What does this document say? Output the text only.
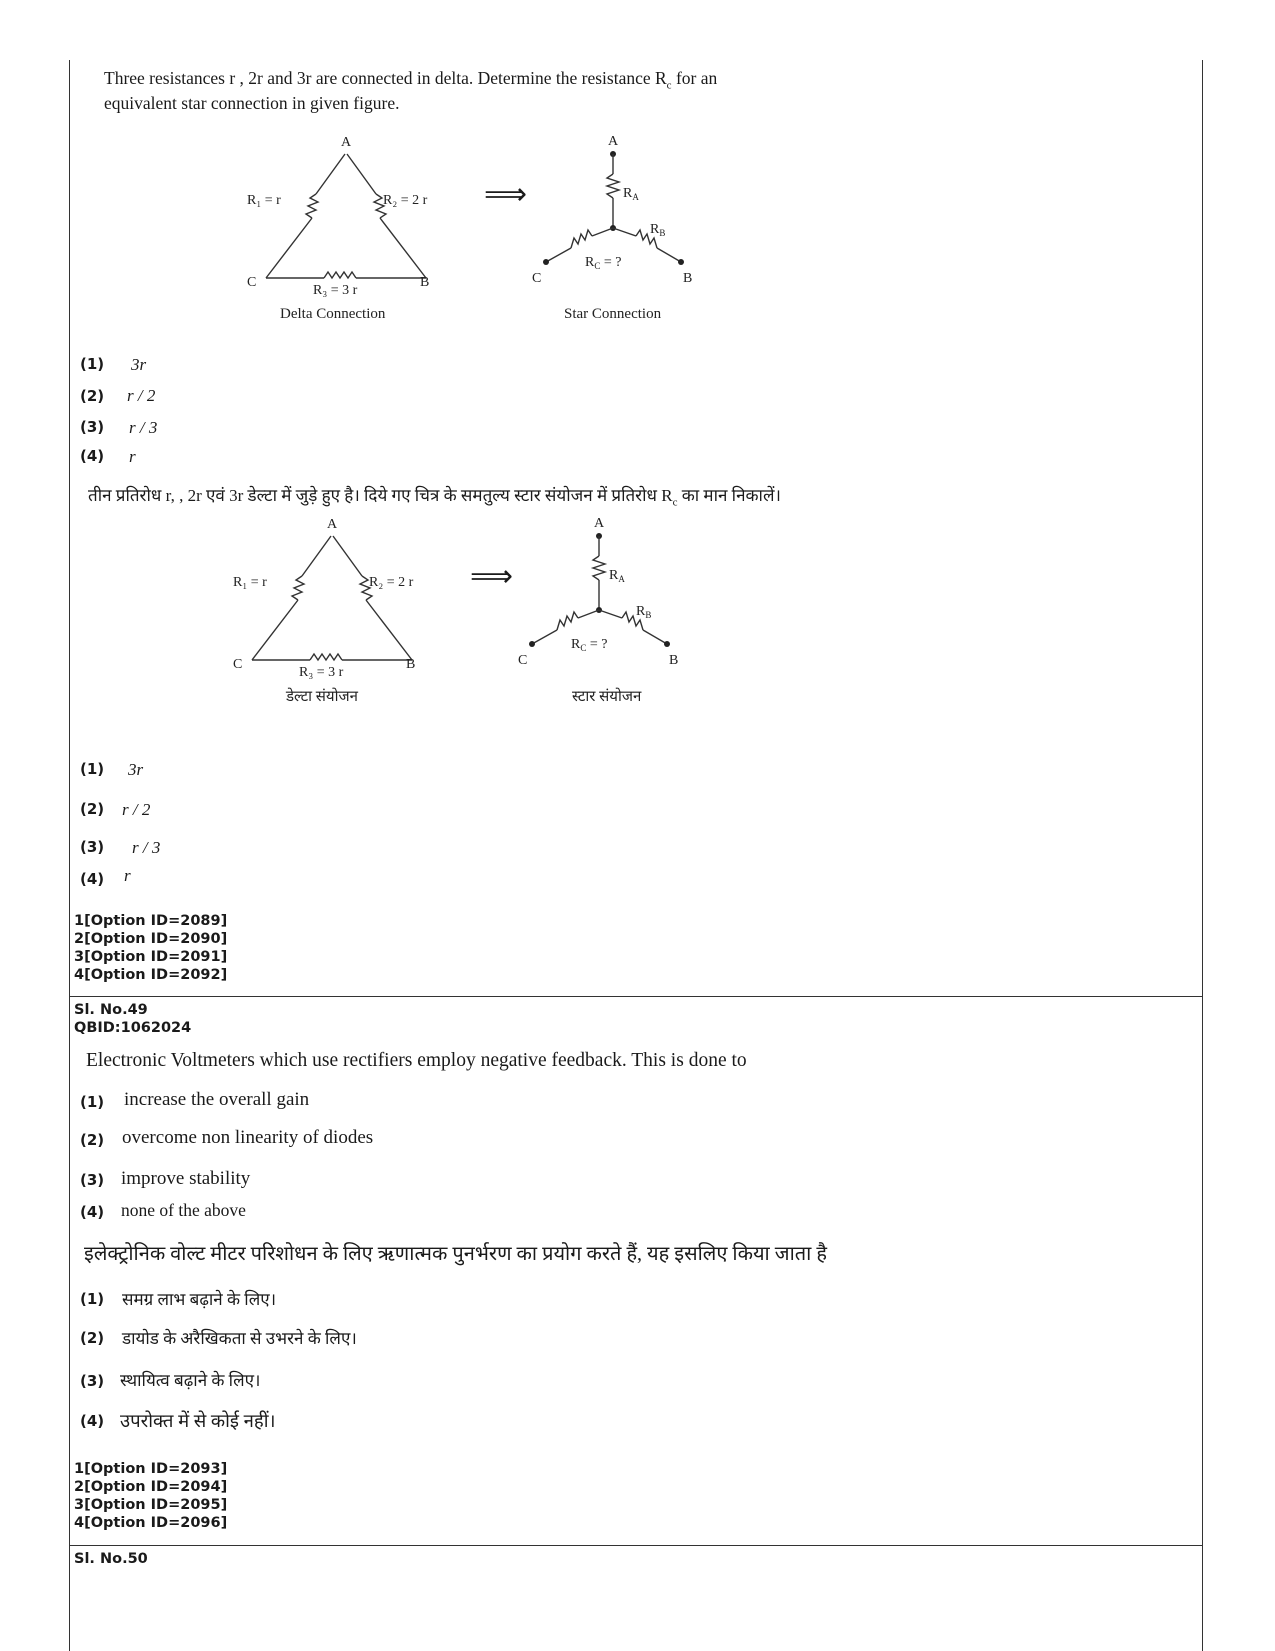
Three resistances r , 2r and 3r are connected in delta. Determine the resistance $R_c$ for an
equivalent star connection in given figure.
A
C	B
R₁ = r	R₂ = 2 r
R₃ = 3 r
Delta Connection
⟹
A
C	B
$R_A$
$R_B$
$R_C$ = ?
Star Connection
(1) 3r
(2) r / 2
(3) r / 3
(4) r
तीन प्रतिरोध r, , 2r एवं 3r डेल्टा में जुड़े हुए है। दिये गए चित्र के समतुल्य स्टार संयोजन में प्रतिरोध $R_c$ का मान निकालें।
A
C	B
R₁ = r	R₂ = 2 r
R₃ = 3 r
डेल्टा संयोजन
⟹
A
C	B
$R_A$
$R_B$
$R_C$ = ?
स्टार संयोजन
(1) 3r
(2) r / 2
(3) r / 3
(4) r
1[Option ID=2089]
2[Option ID=2090]
3[Option ID=2091]
4[Option ID=2092]
Sl. No.49
QBID:1062024
Electronic Voltmeters which use rectifiers employ negative feedback. This is done to
(1) increase the overall gain
(2) overcome non linearity of diodes
(3) improve stability
(4) none of the above
इलेक्ट्रोनिक वोल्ट मीटर परिशोधन के लिए ऋणात्मक पुनर्भरण का प्रयोग करते हैं, यह इसलिए किया जाता है
(1) समग्र लाभ बढ़ाने के लिए।
(2) डायोड के अरैखिकता से उभरने के लिए।
(3) स्थायित्व बढ़ाने के लिए।
(4) उपरोक्त में से कोई नहीं।
1[Option ID=2093]
2[Option ID=2094]
3[Option ID=2095]
4[Option ID=2096]
Sl. No.50
